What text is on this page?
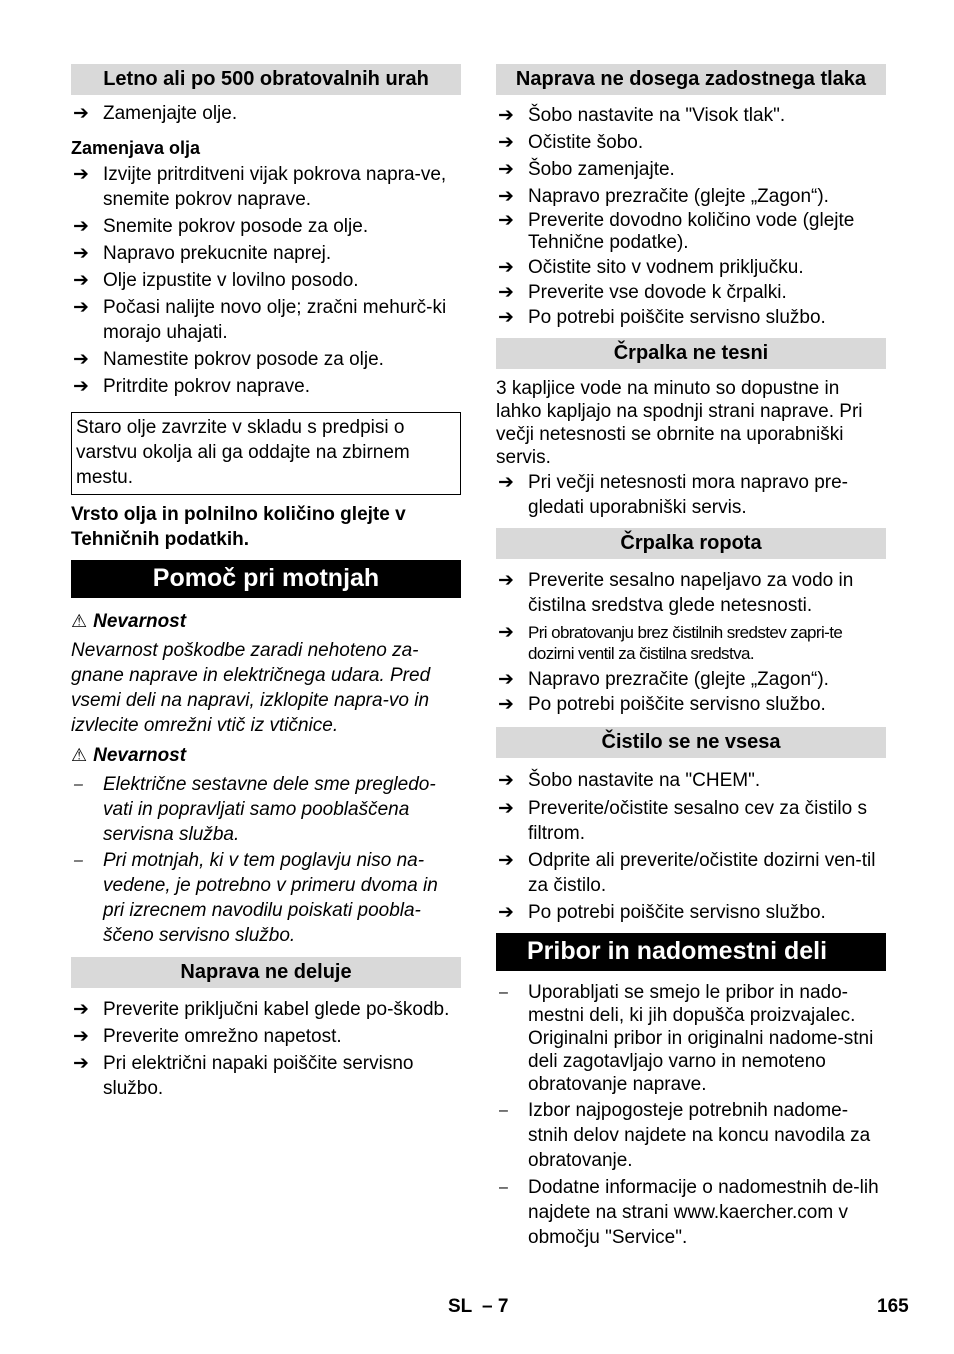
Letno ali po 500 obratovalnih urah
➔ Zamenjajte olje.
Zamenjava olja
➔ Izvijte pritrditveni vijak pokrova napra-ve, snemite pokrov naprave.
➔ Snemite pokrov posode za olje.
➔ Napravo prekucnite naprej.
➔ Olje izpustite v lovilno posodo.
➔ Počasi nalijte novo olje; zračni mehurč-ki morajo uhajati.
➔ Namestite pokrov posode za olje.
➔ Pritrdite pokrov naprave.
Staro olje zavrzite v skladu s predpisi o varstvu okolja ali ga oddajte na zbirnem mestu.
Vrsto olja in polnilno količino glejte v Tehničnih podatkih.
Pomoč pri motnjah
⚠ Nevarnost
Nevarnost poškodbe zaradi nehoteno za-gnane naprave in električnega udara. Pred vsemi deli na napravi, izklopite napra-vo in izvlecite omrežni vtič iz vtičnice.
⚠ Nevarnost
– Električne sestavne dele sme pregledo-vati in popravljati samo pooblaščena servisna služba.
– Pri motnjah, ki v tem poglavju niso na-vedene, je potrebno v primeru dvoma in pri izrecnem navodilu poiskati poobla-ščeno servisno službo.
Naprava ne deluje
➔ Preverite priključni kabel glede po-škodb.
➔ Preverite omrežno napetost.
➔ Pri električni napaki poiščite servisno službo.
Naprava ne dosega zadostnega tlaka
➔ Šobo nastavite na "Visok tlak".
➔ Očistite šobo.
➔ Šobo zamenjajte.
➔ Napravo prezračite (glejte „Zagon“).
➔ Preverite dovodno količino vode (glejte Tehnične podatke).
➔ Očistite sito v vodnem priključku.
➔ Preverite vse dovode k črpalki.
➔ Po potrebi poiščite servisno službo.
Črpalka ne tesni
3 kapljice vode na minuto so dopustne in lahko kapljajo na spodnji strani naprave. Pri večji netesnosti se obrnite na uporabniški servis.
➔ Pri večji netesnosti mora napravo pre-gledati uporabniški servis.
Črpalka ropota
➔ Preverite sesalno napeljavo za vodo in čistilna sredstva glede netesnosti.
➔ Pri obratovanju brez čistilnih sredstev zapri-te dozirni ventil za čistilna sredstva.
➔ Napravo prezračite (glejte „Zagon“).
➔ Po potrebi poiščite servisno službo.
Čistilo se ne vsesa
➔ Šobo nastavite na "CHEM".
➔ Preverite/očistite sesalno cev za čistilo s filtrom.
➔ Odprite ali preverite/očistite dozirni ven-til za čistilo.
➔ Po potrebi poiščite servisno službo.
Pribor in nadomestni deli
– Uporabljati se smejo le pribor in nado-mestni deli, ki jih dopušča proizvajalec. Originalni pribor in originalni nadome-stni deli zagotavljajo varno in nemoteno obratovanje naprave.
– Izbor najpogosteje potrebnih nadome-stnih delov najdete na koncu navodila za obratovanje.
– Dodatne informacije o nadomestnih de-lih najdete na strani www.kaercher.com v območju "Service".
SL – 7	165
